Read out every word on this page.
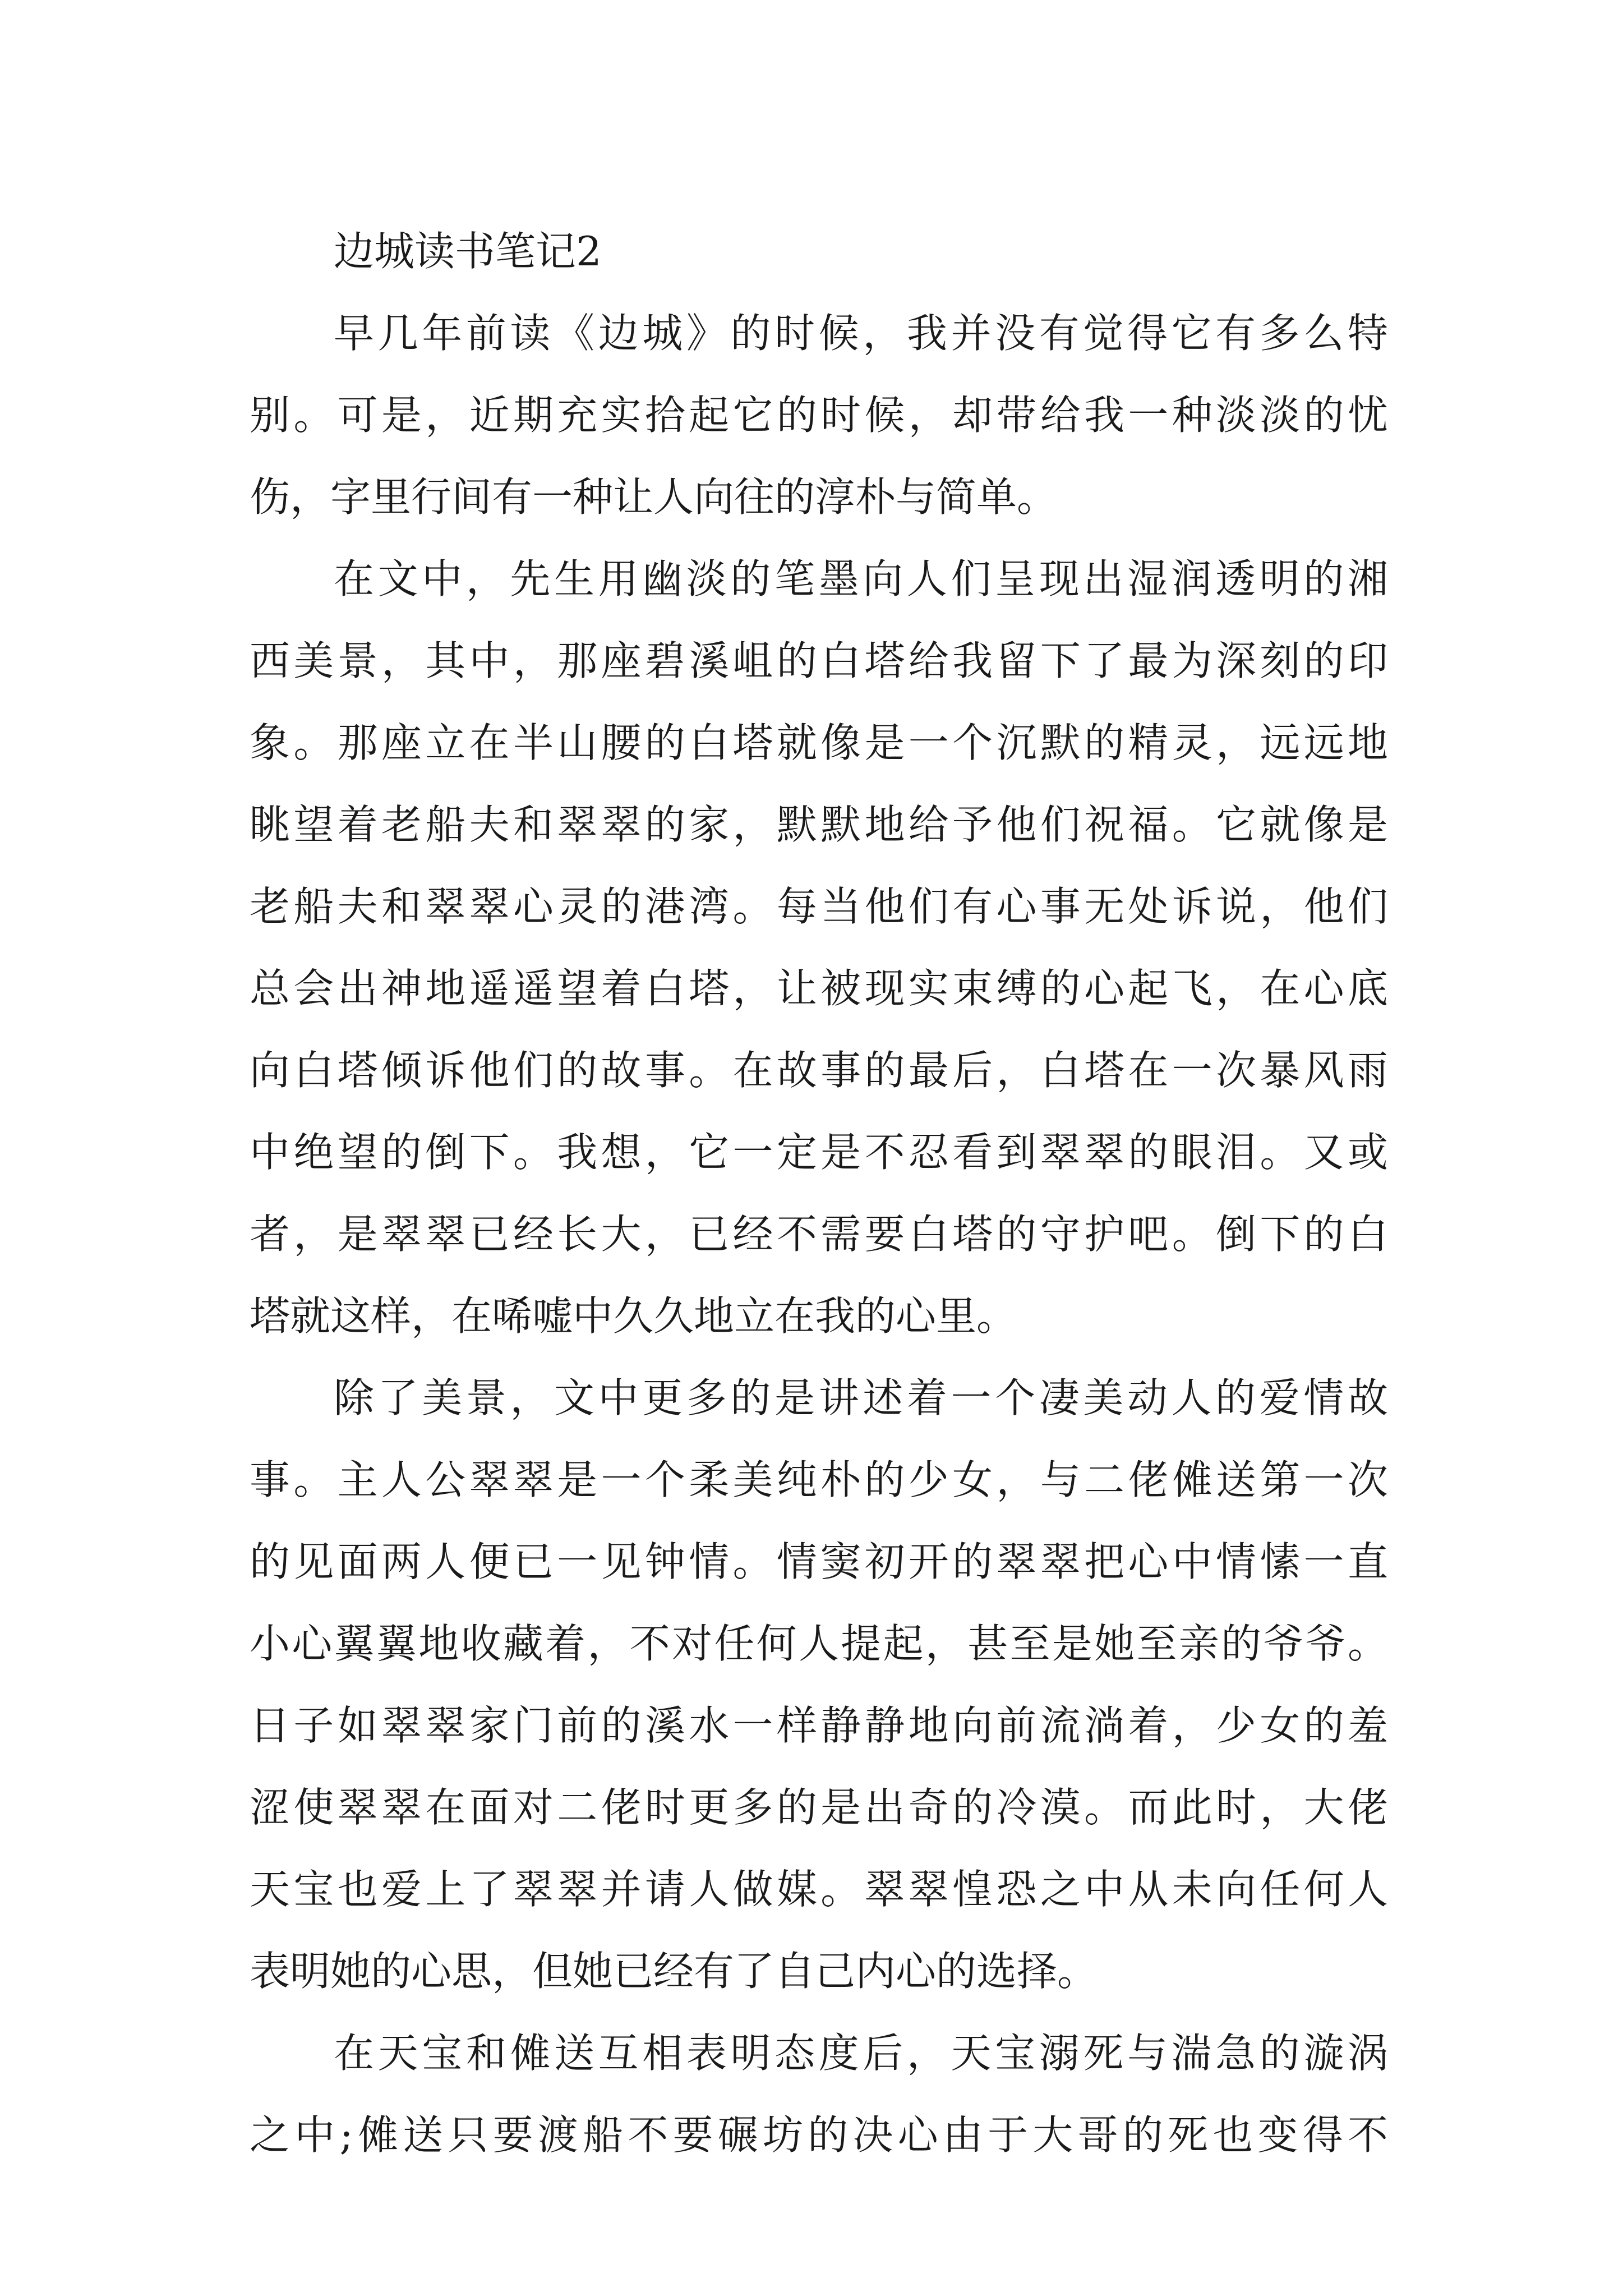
边城读书笔记2
早几年前读《边城》的时候，我并没有觉得它有多么特
别。可是，近期充实拾起它的时候，却带给我一种淡淡的忧
伤，字里行间有一种让人向往的淳朴与简单。
在文中，先生用幽淡的笔墨向人们呈现出湿润透明的湘
西美景，其中，那座碧溪岨的白塔给我留下了最为深刻的印
象。那座立在半山腰的白塔就像是一个沉默的精灵，远远地
眺望着老船夫和翠翠的家，默默地给予他们祝福。它就像是
老船夫和翠翠心灵的港湾。每当他们有心事无处诉说，他们
总会出神地遥遥望着白塔，让被现实束缚的心起飞，在心底
向白塔倾诉他们的故事。在故事的最后，白塔在一次暴风雨
中绝望的倒下。我想，它一定是不忍看到翠翠的眼泪。又或
者，是翠翠已经长大，已经不需要白塔的守护吧。倒下的白
塔就这样，在唏嘘中久久地立在我的心里。
除了美景，文中更多的是讲述着一个凄美动人的爱情故
事。主人公翠翠是一个柔美纯朴的少女，与二佬傩送第一次
的见面两人便已一见钟情。情窦初开的翠翠把心中情愫一直
小心翼翼地收藏着，不对任何人提起，甚至是她至亲的爷爷。
日子如翠翠家门前的溪水一样静静地向前流淌着，少女的羞
涩使翠翠在面对二佬时更多的是出奇的冷漠。而此时，大佬
天宝也爱上了翠翠并请人做媒。翠翠惶恐之中从未向任何人
表明她的心思，但她已经有了自己内心的选择。
在天宝和傩送互相表明态度后，天宝溺死与湍急的漩涡
之中;傩送只要渡船不要碾坊的决心由于大哥的死也变得不
